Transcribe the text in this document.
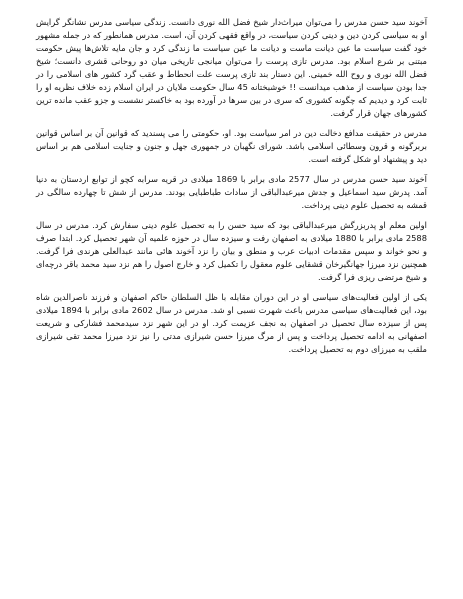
آخوند سید حسن مدرس را می‌توان میراث‌دار شیخ فضل الله نوری دانست. زندگی سیاسی مدرس نشانگر گرایش او به سیاسی کردن دین و دینی کردن سیاست، در واقع فقهی کردن آن، است. مدرس همانطور که در جمله مشهور خود گفت سیاست ما عین دیانت ماست و دیانت ما عین سیاست ما زندگی کرد و جان مایه تلاش‌ها پیش حکومت مبتنی بر شرع اسلام بود. مدرس تازی پرست را می‌توان میانجی تاریخی میان دو روحانی قشری دانست؛ شیخ فضل الله نوری و روح الله خمینی. این دستار بند تازی پرست علت انحطاط و عقب گرد کشور های اسلامی را در جدا بودن سیاست از مذهب میدانست !! خوشبختانه 45 سال حکومت ملایان در ایران اسلام زده خلاف نظریه او را ثابت کرد و دیدیم که چگونه کشوری که سری در بین سرها در آورده بود به خاکستر نشست و جزو عقب مانده ترین کشورهای جهان قرار گرفت.

مدرس در حقیقت مدافع دخالت دین در امر سیاست بود. او، حکومتی را می پسندید که قوانین آن بر اساس قوانین بربرگونه و قرون وسطائی اسلامی باشد. شورای نگهبان در جمهوری جهل و جنون و جنایت اسلامی هم بر اساس دید و پیشنهاد او شکل گرفته است.

آخوند سید حسن مدرس در سال 2577 مادی برابر با 1869 میلادی در قریه سرابه کچو از توابع اردستان به دنیا آمد. پدرش سید اسماعیل و جدش میرعبدالباقی از سادات طباطبایی بودند. مدرس از شش تا چهارده سالگی در قمشه به تحصیل علوم دینی پرداخت.

اولین معلم او پدربزرگش میرعبدالباقی بود که سید حسن را به تحصیل علوم دینی سفارش کرد. مدرس در سال 2588 مادی برابر با 1880 میلادی به اصفهان رفت و سیزده سال در حوزه علمیه آن شهر تحصیل کرد. ابتدا صرف و نحو خواند و سپس مقدمات ادبیات عرب و منطق و بیان را نزد آخوند هائی مانند عبدالعلی هرندی فرا گرفت. همچنین نزد میرزا جهانگیرخان قشقایی علوم معقول را تکمیل کرد و خارج اصول را هم نزد سید محمد باقر درچه‌ای و شیخ مرتضی ریزی فرا گرفت.

یکی از اولین فعالیت‌های سیاسی او در این دوران مقابله با ظل السلطان حاکم اصفهان و فرزند ناصرالدین شاه بود، این فعالیت‌های سیاسی مدرس باعث شهرت نسبی او شد. مدرس در سال 2602 مادی برابر با 1894 میلادی پس از سیزده سال تحصیل در اصفهان به نجف عزیمت کرد. او در این شهر نزد سیدمحمد فشارکی و شریعت اصفهانی به ادامه تحصیل پرداخت و پس از مرگ میرزا حسن شیرازی مدتی را نیز نزد میرزا محمد تقی شیرازی ملقب به میرزای دوم به تحصیل پرداخت.
